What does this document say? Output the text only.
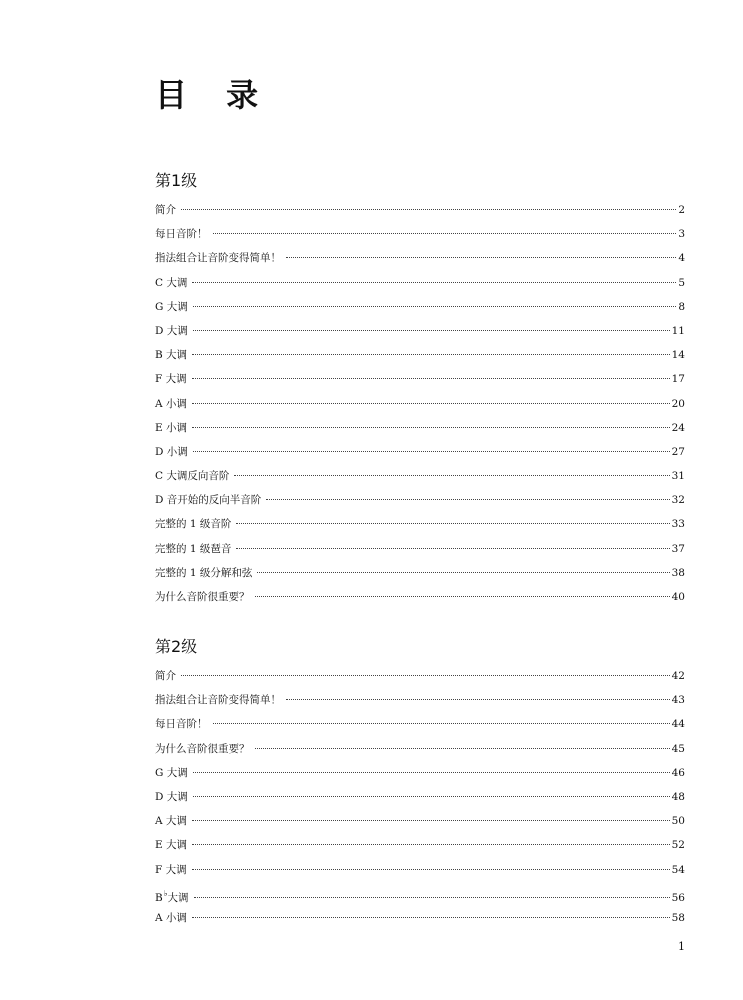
目 录
第1级
简介	2
每日音阶！	3
指法组合让音阶变得简单！	4
C 大调	5
G 大调	8
D 大调	11
B 大调	14
F 大调	17
A 小调	20
E 小调	24
D 小调	27
C 大调反向音阶	31
D 音开始的反向半音阶	32
完整的 1 级音阶	33
完整的 1 级琶音	37
完整的 1 级分解和弦	38
为什么音阶很重要？	40
第2级
简介	42
指法组合让音阶变得简单！	43
每日音阶！	44
为什么音阶很重要？	45
G 大调	46
D 大调	48
A 大调	50
E 大调	52
F 大调	54
B♭大调	56
A 小调	58
1
